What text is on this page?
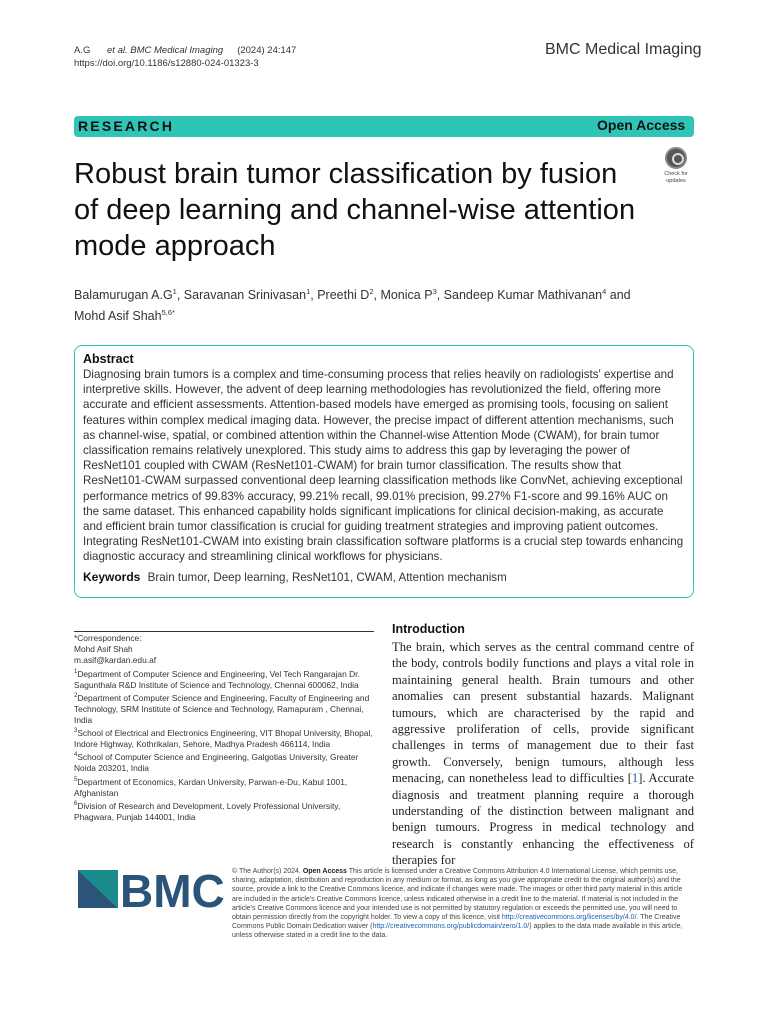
A.G et al. BMC Medical Imaging (2024) 24:147
https://doi.org/10.1186/s12880-024-01323-3
BMC Medical Imaging
RESEARCH	Open Access
Robust brain tumor classification by fusion of deep learning and channel-wise attention mode approach
Check for updates
Balamurugan $A.G^1$, Saravanan Srinivasan$^1$, Preethi $D^2$, Monica $P^3$, Sandeep Kumar Mathivanan$^4$ and Mohd Asif Shah$^{5,6*}$
Abstract

Diagnosing brain tumors is a complex and time-consuming process that relies heavily on radiologists' expertise and interpretive skills. However, the advent of deep learning methodologies has revolutionized the field, offering more accurate and efficient assessments. Attention-based models have emerged as promising tools, focusing on salient features within complex medical imaging data. However, the precise impact of different attention mechanisms, such as channel-wise, spatial, or combined attention within the Channel-wise Attention Mode (CWAM), for brain tumor classification remains relatively unexplored. This study aims to address this gap by leveraging the power of ResNet101 coupled with CWAM (ResNet101-CWAM) for brain tumor classification. The results show that ResNet101-CWAM surpassed conventional deep learning classification methods like ConvNet, achieving exceptional performance metrics of 99.83% accuracy, 99.21% recall, 99.01% precision, 99.27% F1-score and 99.16% AUC on the same dataset. This enhanced capability holds significant implications for clinical decision-making, as accurate and efficient brain tumor classification is crucial for guiding treatment strategies and improving patient outcomes. Integrating ResNet101-CWAM into existing brain classification software platforms is a crucial step towards enhancing diagnostic accuracy and streamlining clinical workflows for physicians.

Keywords Brain tumor, Deep learning, ResNet101, CWAM, Attention mechanism
*Correspondence:
Mohd Asif Shah
m.asif@kardan.edu.af
$^1$Department of Computer Science and Engineering, Vel Tech Rangarajan Dr. Sagunthala R&D Institute of Science and Technology, Chennai 600062, India
$^2$Department of Computer Science and Engineering, Faculty of Engineering and Technology, SRM Institute of Science and Technology, Ramapuram , Chennai, India
$^3$School of Electrical and Electronics Engineering, VIT Bhopal University, Bhopal, Indore Highway, Kothrikalan, Sehore, Madhya Pradesh 466114, India
$^4$School of Computer Science and Engineering, Galgotias University, Greater Noida 203201, India
$^5$Department of Economics, Kardan University, Parwan-e-Du, Kabul 1001, Afghanistan
$^6$Division of Research and Development, Lovely Professional University, Phagwara, Punjab 144001, India
Introduction

The brain, which serves as the central command centre of the body, controls bodily functions and plays a vital role in maintaining general health. Brain tumours and other anomalies can present substantial hazards. Malignant tumours, which are characterised by the rapid and aggressive proliferation of cells, provide significant challenges in terms of management due to their fast growth. Conversely, benign tumours, although less menacing, can nonetheless lead to difficulties [1]. Accurate diagnosis and treatment planning require a thorough understanding of the distinction between malignant and benign tumours. Progress in medical technology and research is constantly enhancing the effectiveness of therapies for

BMC © The Author(s) 2024. Open Access This article is licensed under a Creative Commons Attribution 4.0 International License, which permits use, sharing, adaptation, distribution and reproduction in any medium or format, as long as you give appropriate credit to the original author(s) and the source, provide a link to the Creative Commons licence, and indicate if changes were made. The images or other third party material in this article are included in the article's Creative Commons licence, unless indicated otherwise in a credit line to the material. If material is not included in the article's Creative Commons licence and your intended use is not permitted by statutory regulation or exceeds the permitted use, you will need to obtain permission directly from the copyright holder. To view a copy of this licence, visit http://creativecommons.org/licenses/by/4.0/. The Creative Commons Public Domain Dedication waiver (http://creativecommons.org/publicdomain/zero/1.0/) applies to the data made available in this article, unless otherwise stated in a credit line to the data.
